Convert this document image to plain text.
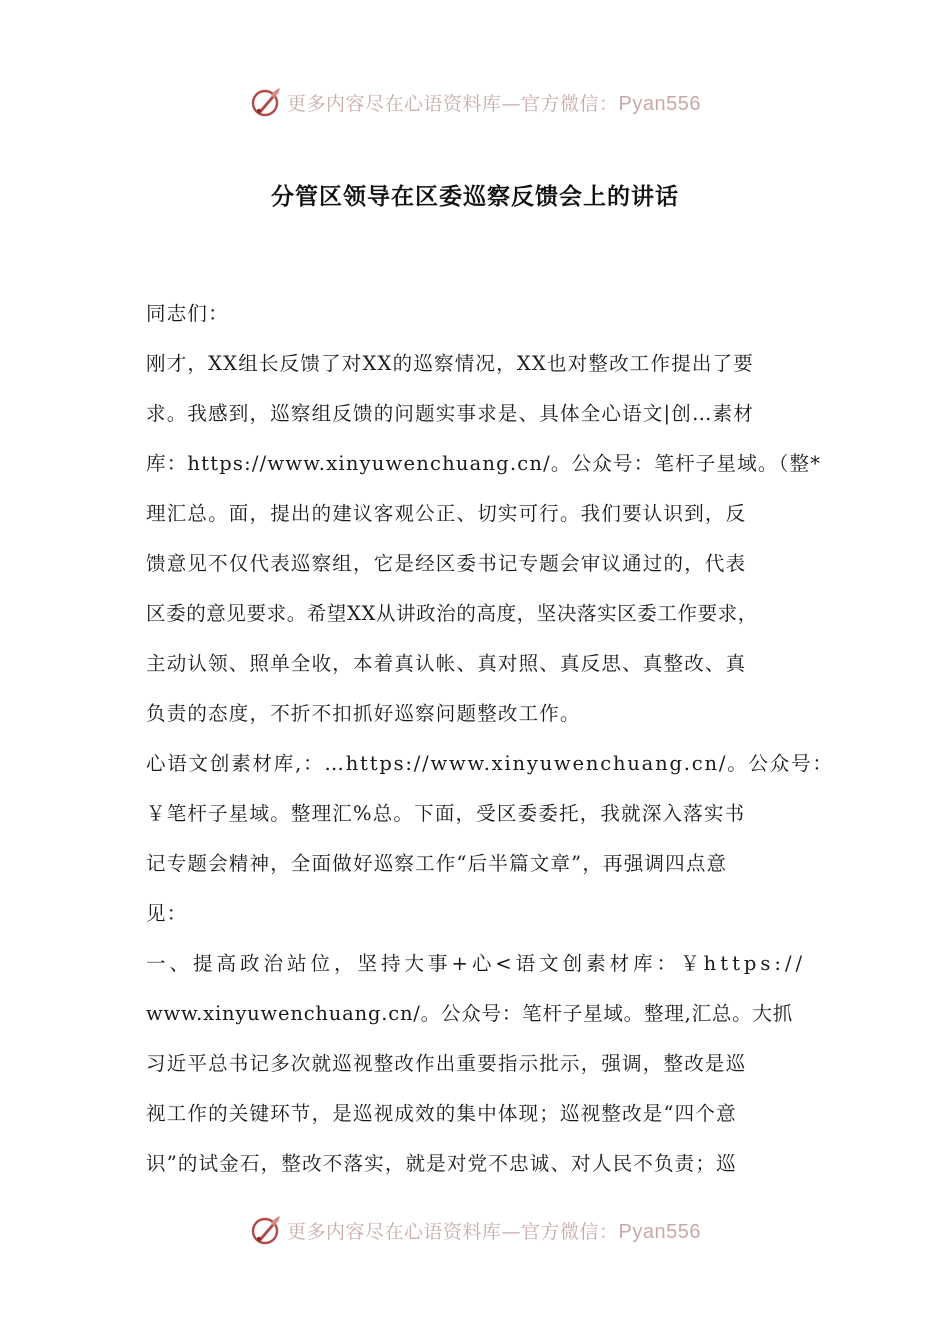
更多内容尽在心语资料库—官方微信：Pyan556
分管区领导在区委巡察反馈会上的讲话
同志们：
刚才，XX组长反馈了对XX的巡察情况，XX也对整改工作提出了要
求。我感到，巡察组反馈的问题实事求是、具体全心语文|创…素材
库：https://www.xinyuwenchuang.cn/。公众号：笔杆子星域。（整*
理汇总。面，提出的建议客观公正、切实可行。我们要认识到，反
馈意见不仅代表巡察组，它是经区委书记专题会审议通过的，代表
区委的意见要求。希望XX从讲政治的高度，坚决落实区委工作要求，
主动认领、照单全收，本着真认帐、真对照、真反思、真整改、真
负责的态度，不折不扣抓好巡察问题整改工作。
心语文创素材库,：…https://www.xinyuwenchuang.cn/。公众号：
￥笔杆子星域。整理汇%总。下面，受区委委托，我就深入落实书
记专题会精神，全面做好巡察工作“后半篇文章”，再强调四点意
见：
一、提高政治站位，坚持大事+心<语文创素材库：￥https://
www.xinyuwenchuang.cn/。公众号：笔杆子星域。整理,汇总。大抓
习近平总书记多次就巡视整改作出重要指示批示，强调，整改是巡
视工作的关键环节，是巡视成效的集中体现；巡视整改是“四个意
识”的试金石，整改不落实，就是对党不忠诚、对人民不负责；巡
更多内容尽在心语资料库—官方微信：Pyan556
